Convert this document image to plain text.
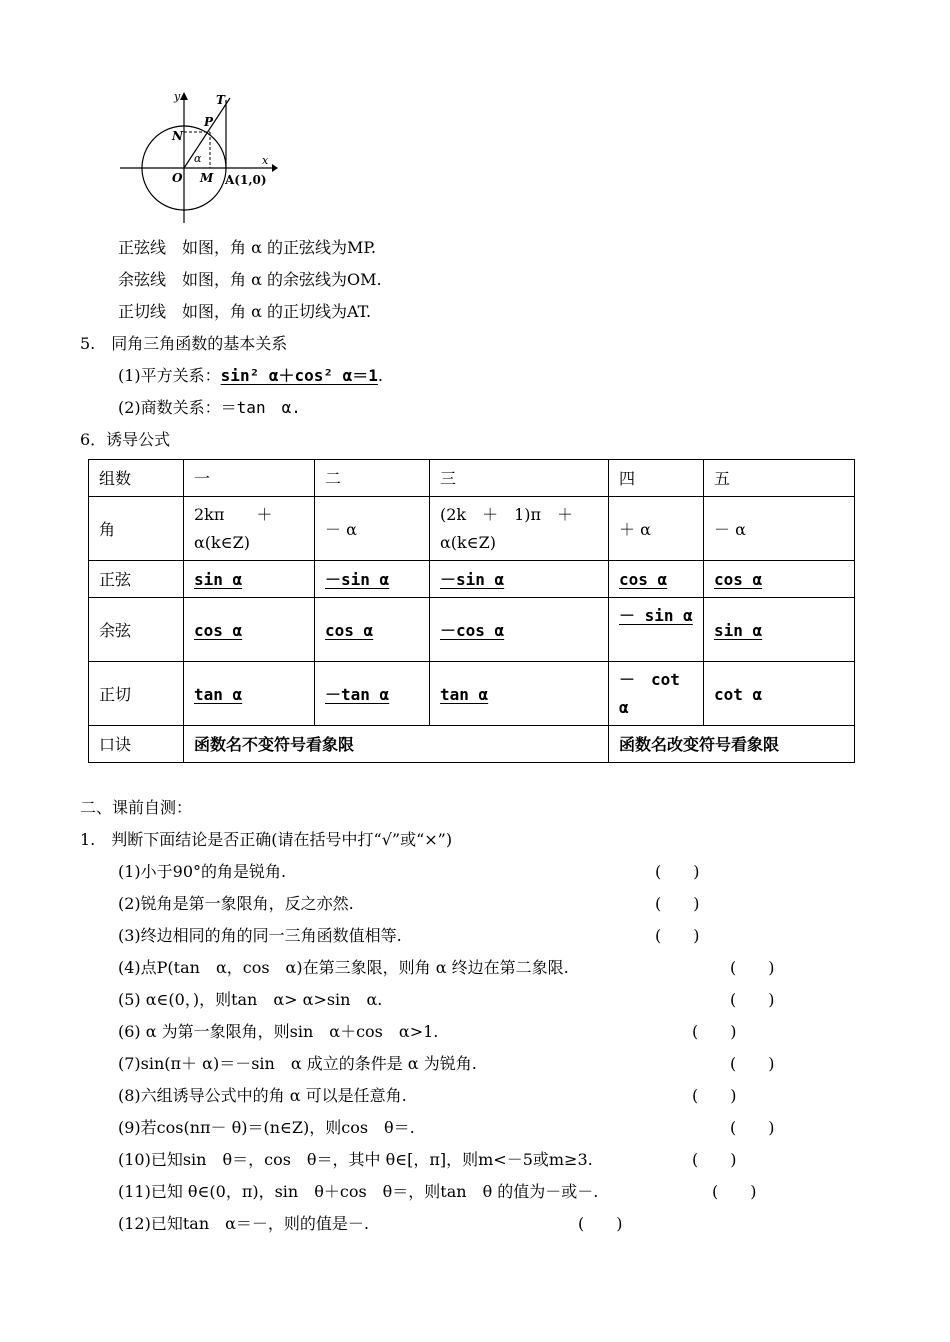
y
x
T
P
N
α
O M A(1,0)
正弦线　如图，角 α 的正弦线为MP.
余弦线　如图，角 α 的余弦线为OM.
正切线　如图，角 α 的正切线为AT.
5.　同角三角函数的基本关系
(1)平方关系：sin² α＋cos² α＝1.
(2)商数关系：＝tan　α.
6．诱导公式
组数	一	二	三	四	五
角	2kπ　　＋ α(k∈Z)	－ α	(2k　＋　1)π　＋ α(k∈Z)	＋ α	－ α
正弦	sin α	－sin α	－sin α	cos α	cos α
余弦	cos α	cos α	－cos α	－ sin α	sin α
正切	tan α	－tan α	tan α	－　cot α	cot α
口诀	函数名不变符号看象限			函数名改变符号看象限	
二、课前自测：
1.　判断下面结论是否正确(请在括号中打“√”或“×”)
(1)小于90°的角是锐角.	(　　)
(2)锐角是第一象限角，反之亦然.	(　　)
(3)终边相同的角的同一三角函数值相等.	(　　)
(4)点P(tan　α，cos　α)在第三象限，则角 α 终边在第二象限.	(　　)
(5) α∈(0，)，则tan　α> α>sin　α.	(　　)
(6) α 为第一象限角，则sin　α＋cos　α>1.	(　　)
(7)sin(π＋ α)＝－sin　α 成立的条件是 α 为锐角.	(　　)
(8)六组诱导公式中的角 α 可以是任意角.	(　　)
(9)若cos(nπ－ θ)＝(n∈Z)，则cos　θ＝.	(　　)
(10)已知sin　θ＝，cos　θ＝，其中 θ∈[，π]，则m<－5或m≥3.	(　　)
(11)已知 θ∈(0，π)，sin　θ＋cos　θ＝，则tan　θ 的值为－或－.	(　　)
(12)已知tan　α＝－，则的值是－.	(　　)
